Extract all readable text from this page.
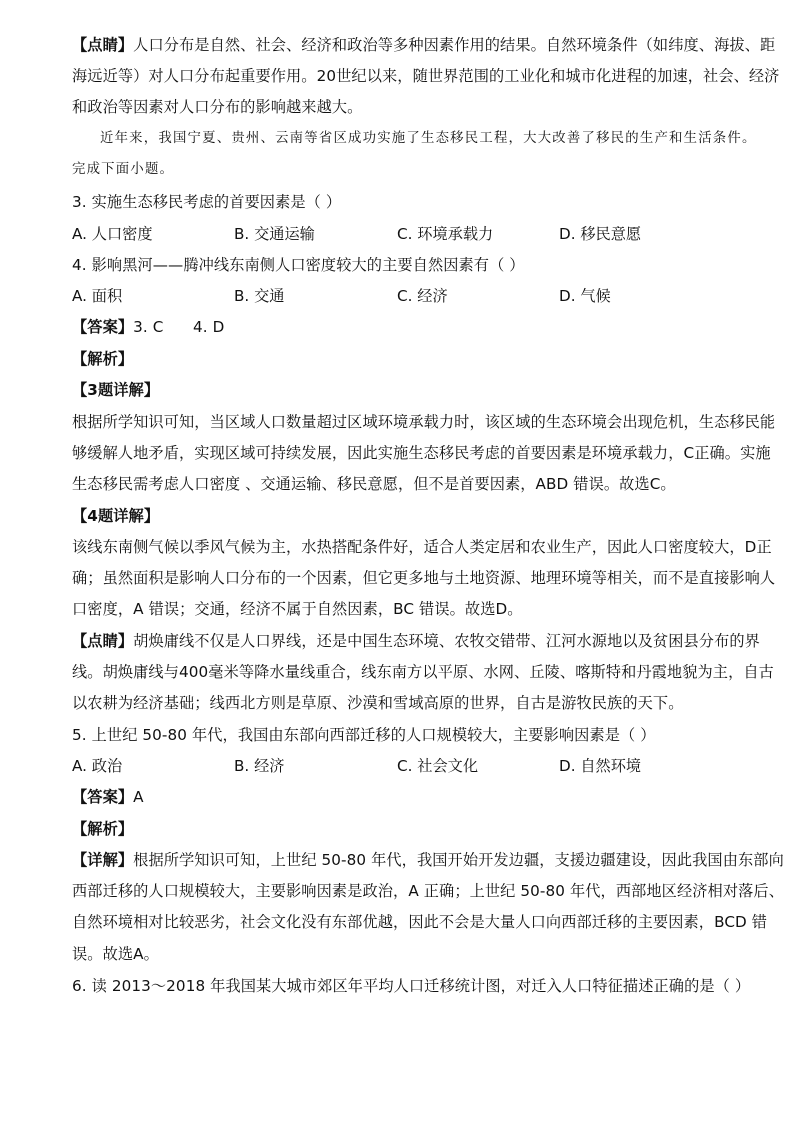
【点睛】人口分布是自然、社会、经济和政治等多种因素作用的结果。自然环境条件（如纬度、海拔、距
海远近等）对人口分布起重要作用。20世纪以来，随世界范围的工业化和城市化进程的加速，社会、经济
和政治等因素对人口分布的影响越来越大。
近年来，我国宁夏、贵州、云南等省区成功实施了生态移民工程，大大改善了移民的生产和生活条件。
完成下面小题。
3. 实施生态移民考虑的首要因素是（ ）
A. 人口密度	B. 交通运输	C. 环境承载力	D. 移民意愿
4. 影响黑河——腾冲线东南侧人口密度较大的主要自然因素有（ ）
A. 面积	B. 交通	C. 经济	D. 气候
【答案】3. C      4. D
【解析】
【3题详解】
根据所学知识可知，当区域人口数量超过区域环境承载力时，该区域的生态环境会出现危机，生态移民能
够缓解人地矛盾，实现区域可持续发展，因此实施生态移民考虑的首要因素是环境承载力，C正确。实施
生态移民需考虑人口密度 、交通运输、移民意愿，但不是首要因素，ABD 错误。故选C。
【4题详解】
该线东南侧气候以季风气候为主，水热搭配条件好，适合人类定居和农业生产，因此人口密度较大，D正
确；虽然面积是影响人口分布的一个因素，但它更多地与土地资源、地理环境等相关，而不是直接影响人
口密度，A 错误；交通，经济不属于自然因素，BC 错误。故选D。
【点睛】胡焕庸线不仅是人口界线，还是中国生态环境、农牧交错带、江河水源地以及贫困县分布的界
线。胡焕庸线与400毫米等降水量线重合，线东南方以平原、水网、丘陵、喀斯特和丹霞地貌为主，自古
以农耕为经济基础；线西北方则是草原、沙漠和雪域高原的世界，自古是游牧民族的天下。
5. 上世纪 50-80 年代，我国由东部向西部迁移的人口规模较大，主要影响因素是（ ）
A. 政治	B. 经济	C. 社会文化	D. 自然环境
【答案】A
【解析】
【详解】根据所学知识可知，上世纪 50-80 年代，我国开始开发边疆，支援边疆建设，因此我国由东部向
西部迁移的人口规模较大，主要影响因素是政治，A 正确；上世纪 50-80 年代，西部地区经济相对落后、
自然环境相对比较恶劣，社会文化没有东部优越，因此不会是大量人口向西部迁移的主要因素，BCD 错
误。故选A。
6. 读 2013～2018 年我国某大城市郊区年平均人口迁移统计图，对迁入人口特征描述正确的是（ ）
